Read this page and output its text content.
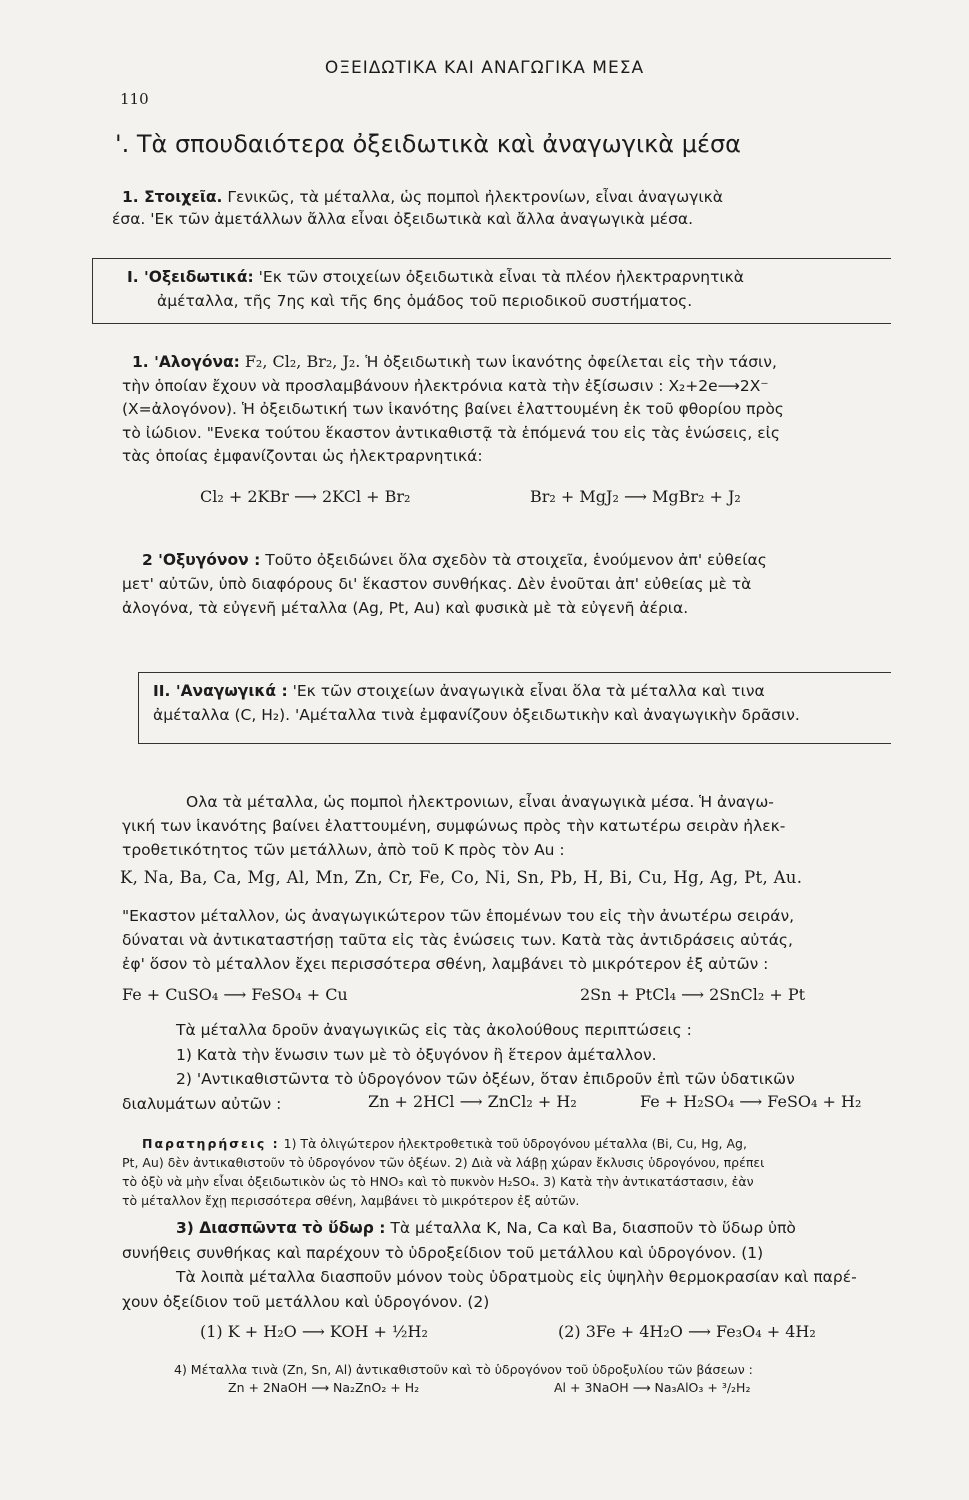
ΟΞΕΙΔΩΤΙΚΑ ΚΑΙ ΑΝΑΓΩΓΙΚΑ ΜΕΣΑ
110
'. Τὰ σπουδαιότερα ὀξειδωτικὰ καὶ ἀναγωγικὰ μέσα
1. Στοιχεῖα. Γενικῶς, τὰ μέταλλα, ὡς πομποὶ ἠλεκτρονίων, εἶναι ἀναγωγικὰ
έσα. 'Εκ τῶν ἀμετάλλων ἄλλα εἶναι ὀξειδωτικὰ καὶ ἄλλα ἀναγωγικὰ μέσα.
I. 'Οξειδωτικά: 'Εκ τῶν στοιχείων ὀξειδωτικὰ εἶναι τὰ πλέον ἠλεκτραρνητικὰ
ἀμέταλλα, τῆς 7ης καὶ τῆς 6ης ὁμάδος τοῦ περιοδικοῦ συστήματος.
1. 'Αλογόνα: F₂, Cl₂, Br₂, J₂. Ἡ ὀξειδωτικὴ των ἱκανότης ὀφείλεται εἰς τὴν τάσιν,
τὴν ὁποίαν ἔχουν νὰ προσλαμβάνουν ἠλεκτρόνια κατὰ τὴν ἐξίσωσιν : X₂+2e⟶2X⁻
(X=ἀλογόνον). Ἡ ὀξειδωτική των ἱκανότης βαίνει ἐλαττουμένη ἐκ τοῦ φθορίου πρὸς
τὸ ἰώδιον. "Ενεκα τούτου ἕκαστον ἀντικαθιστᾷ τὰ ἑπόμενά του εἰς τὰς ἑνώσεις, εἰς
τὰς ὁποίας ἐμφανίζονται ὡς ἠλεκτραρνητικά:
Cl₂ + 2KBr ⟶ 2KCl + Br₂	Br₂ + MgJ₂ ⟶ MgBr₂ + J₂
2 'Οξυγόνον : Τοῦτο ὀξειδώνει ὅλα σχεδὸν τὰ στοιχεῖα, ἑνούμενον ἀπ' εὐθείας
μετ' αὐτῶν, ὑπὸ διαφόρους δι' ἕκαστον συνθήκας. Δὲν ἑνοῦται ἀπ' εὐθείας μὲ τὰ
ἀλογόνα, τὰ εὐγενῆ μέταλλα (Ag, Pt, Au) καὶ φυσικὰ μὲ τὰ εὐγενῆ ἀέρια.
II. 'Αναγωγικά : 'Εκ τῶν στοιχείων ἀναγωγικὰ εἶναι ὅλα τὰ μέταλλα καὶ τινα
ἀμέταλλα (C, H₂). 'Αμέταλλα τινὰ ἐμφανίζουν ὀξειδωτικὴν καὶ ἀναγωγικὴν δρᾶσιν.
Ολα τὰ μέταλλα, ὡς πομποὶ ἠλεκτρονιων, εἶναι ἀναγωγικὰ μέσα. Ἡ ἀναγω-
γική των ἱκανότης βαίνει ἐλαττουμένη, συμφώνως πρὸς τὴν κατωτέρω σειρὰν ἠλεκ-
τροθετικότητος τῶν μετάλλων, ἀπὸ τοῦ K πρὸς τὸν Au :
K, Na, Ba, Ca, Mg, Al, Mn, Zn, Cr, Fe, Co, Ni, Sn, Pb, H, Bi, Cu, Hg, Ag, Pt, Au.
"Εκαστον μέταλλον, ὡς ἀναγωγικώτερον τῶν ἑπομένων του εἰς τὴν ἀνωτέρω σειράν,
δύναται νὰ ἀντικαταστήσῃ ταῦτα εἰς τὰς ἑνώσεις των. Κατὰ τὰς ἀντιδράσεις αὐτάς,
ἐφ' ὅσον τὸ μέταλλον ἔχει περισσότερα σθένη, λαμβάνει τὸ μικρότερον ἐξ αὐτῶν :
Fe + CuSO₄ ⟶ FeSO₄ + Cu	2Sn + PtCl₄ ⟶ 2SnCl₂ + Pt
Τὰ μέταλλα δροῦν ἀναγωγικῶς εἰς τὰς ἀκολούθους περιπτώσεις :
1) Κατὰ τὴν ἕνωσιν των μὲ τὸ ὀξυγόνον ἢ ἕτερον ἀμέταλλον.
2) 'Αντικαθιστῶντα τὸ ὑδρογόνον τῶν ὀξέων, ὅταν ἐπιδροῦν ἐπὶ τῶν ὑδατικῶν
διαλυμάτων αὐτῶν :	Zn + 2HCl ⟶ ZnCl₂ + H₂	Fe + H₂SO₄ ⟶ FeSO₄ + H₂
Παρατηρήσεις : 1) Τὰ ὀλιγώτερον ἠλεκτροθετικὰ τοῦ ὑδρογόνου μέταλλα (Bi, Cu, Hg, Ag,
Pt, Au) δὲν ἀντικαθιστοῦν τὸ ὑδρογόνον τῶν ὀξέων. 2) Διὰ νὰ λάβῃ χώραν ἔκλυσις ὑδρογόνου, πρέπει
τὸ ὀξὺ νὰ μὴν εἶναι ὀξειδωτικὸν ὡς τὸ HNO₃ καὶ τὸ πυκνὸν H₂SO₄. 3) Κατὰ τὴν ἀντικατάστασιν, ἐὰν
τὸ μέταλλον ἔχῃ περισσότερα σθένη, λαμβάνει τὸ μικρότερον ἐξ αὐτῶν.
3) Διασπῶντα τὸ ὕδωρ : Τὰ μέταλλα K, Na, Ca καὶ Ba, διασποῦν τὸ ὕδωρ ὑπὸ
συνήθεις συνθήκας καὶ παρέχουν τὸ ὑδροξείδιον τοῦ μετάλλου καὶ ὑδρογόνον. (1)
Τὰ λοιπὰ μέταλλα διασποῦν μόνον τοὺς ὑδρατμοὺς εἰς ὑψηλὴν θερμοκρασίαν καὶ παρέ-
χουν ὀξείδιον τοῦ μετάλλου καὶ ὑδρογόνον. (2)
(1) K + H₂O ⟶ KOH + ½H₂	(2) 3Fe + 4H₂O ⟶ Fe₃O₄ + 4H₂
4) Μέταλλα τινὰ (Zn, Sn, Al) ἀντικαθιστοῦν καὶ τὸ ὑδρογόνον τοῦ ὑδροξυλίου τῶν βάσεων :
Zn + 2NaOH ⟶ Na₂ZnO₂ + H₂	Al + 3NaOH ⟶ Na₃AlO₃ + ³/₂H₂
